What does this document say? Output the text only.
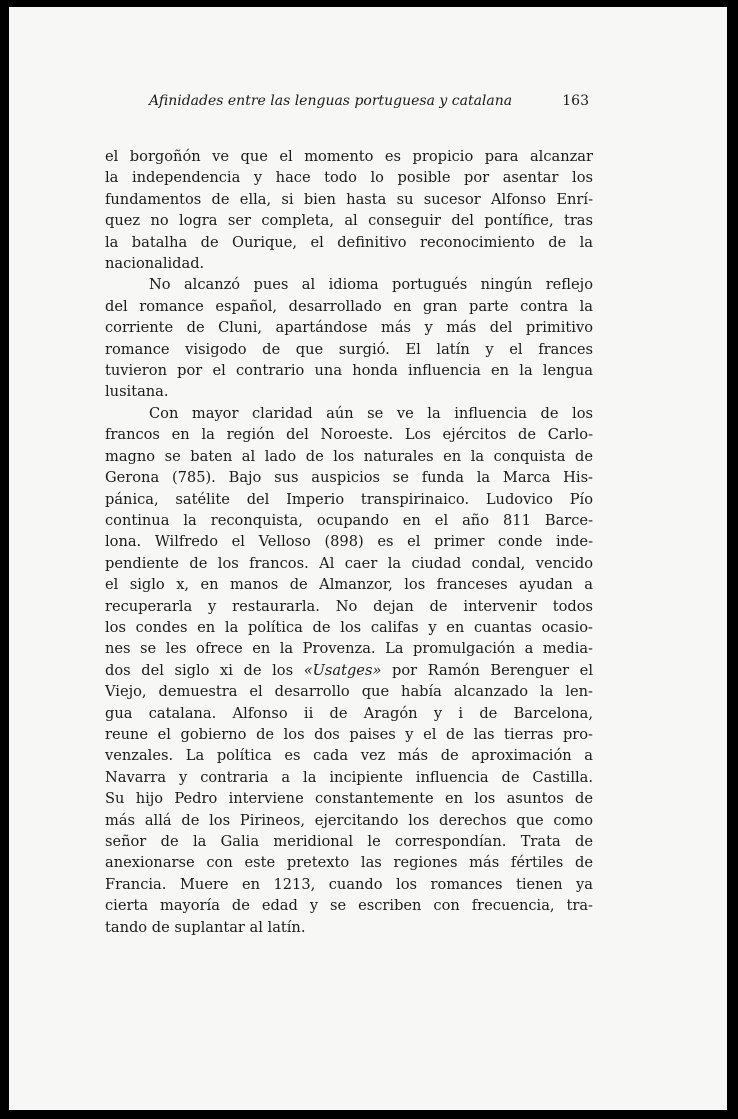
Afinidades entre las lenguas portuguesa y catalana	163
el borgoñón ve que el momento es propicio para alcanzar
la independencia y hace todo lo posible por asentar los
fundamentos de ella, si bien hasta su sucesor Alfonso Enrí-
quez no logra ser completa, al conseguir del pontífice, tras
la batalha de Ourique, el definitivo reconocimiento de la
nacionalidad.
No alcanzó pues al idioma portugués ningún reflejo
del romance español, desarrollado en gran parte contra la
corriente de Cluni, apartándose más y más del primitivo
romance visigodo de que surgió. El latín y el frances
tuvieron por el contrario una honda influencia en la lengua
lusitana.
Con mayor claridad aún se ve la influencia de los
francos en la región del Noroeste. Los ejércitos de Carlo-
magno se baten al lado de los naturales en la conquista de
Gerona (785). Bajo sus auspicios se funda la Marca His-
pánica, satélite del Imperio transpirinaico. Ludovico Pío
continua la reconquista, ocupando en el año 811 Barce-
lona. Wilfredo el Velloso (898) es el primer conde inde-
pendiente de los francos. Al caer la ciudad condal, vencido
el siglo x, en manos de Almanzor, los franceses ayudan a
recuperarla y restaurarla. No dejan de intervenir todos
los condes en la política de los califas y en cuantas ocasio-
nes se les ofrece en la Provenza. La promulgación a media-
dos del siglo xi de los «Usatges» por Ramón Berenguer el
Viejo, demuestra el desarrollo que había alcanzado la len-
gua catalana. Alfonso ii de Aragón y i de Barcelona,
reune el gobierno de los dos paises y el de las tierras pro-
venzales. La política es cada vez más de aproximación a
Navarra y contraria a la incipiente influencia de Castilla.
Su hijo Pedro interviene constantemente en los asuntos de
más allá de los Pirineos, ejercitando los derechos que como
señor de la Galia meridional le correspondían. Trata de
anexionarse con este pretexto las regiones más fértiles de
Francia. Muere en 1213, cuando los romances tienen ya
cierta mayoría de edad y se escriben con frecuencia, tra-
tando de suplantar al latín.
